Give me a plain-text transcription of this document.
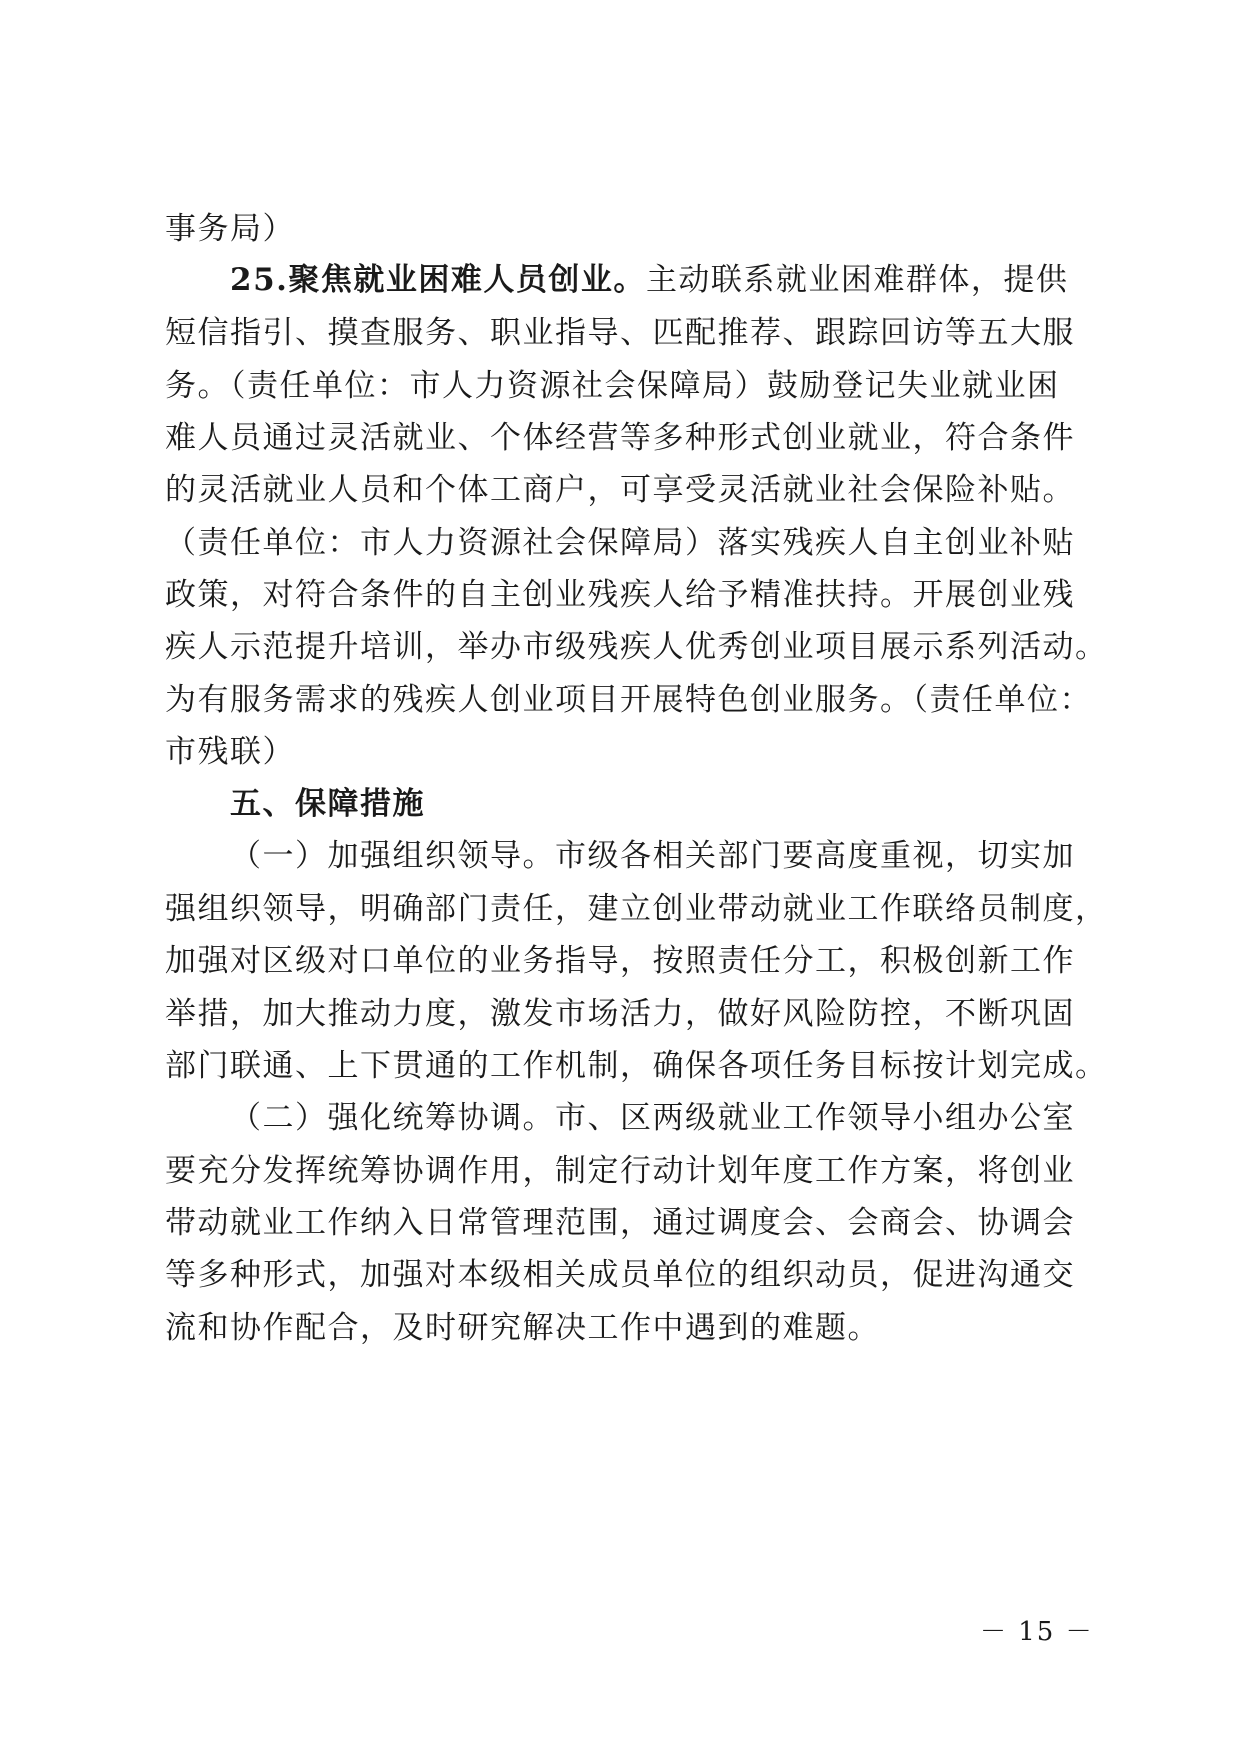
事务局）
25.聚焦就业困难人员创业。主动联系就业困难群体，提供
短信指引、摸查服务、职业指导、匹配推荐、跟踪回访等五大服
务。（责任单位：市人力资源社会保障局）鼓励登记失业就业困
难人员通过灵活就业、个体经营等多种形式创业就业，符合条件
的灵活就业人员和个体工商户，可享受灵活就业社会保险补贴。
（责任单位：市人力资源社会保障局）落实残疾人自主创业补贴
政策，对符合条件的自主创业残疾人给予精准扶持。开展创业残
疾人示范提升培训，举办市级残疾人优秀创业项目展示系列活动。
为有服务需求的残疾人创业项目开展特色创业服务。（责任单位：
市残联）
五、保障措施
（一）加强组织领导。市级各相关部门要高度重视，切实加
强组织领导，明确部门责任，建立创业带动就业工作联络员制度，
加强对区级对口单位的业务指导，按照责任分工，积极创新工作
举措，加大推动力度，激发市场活力，做好风险防控，不断巩固
部门联通、上下贯通的工作机制，确保各项任务目标按计划完成。
（二）强化统筹协调。市、区两级就业工作领导小组办公室
要充分发挥统筹协调作用，制定行动计划年度工作方案，将创业
带动就业工作纳入日常管理范围，通过调度会、会商会、协调会
等多种形式，加强对本级相关成员单位的组织动员，促进沟通交
流和协作配合，及时研究解决工作中遇到的难题。
－ 15 －
